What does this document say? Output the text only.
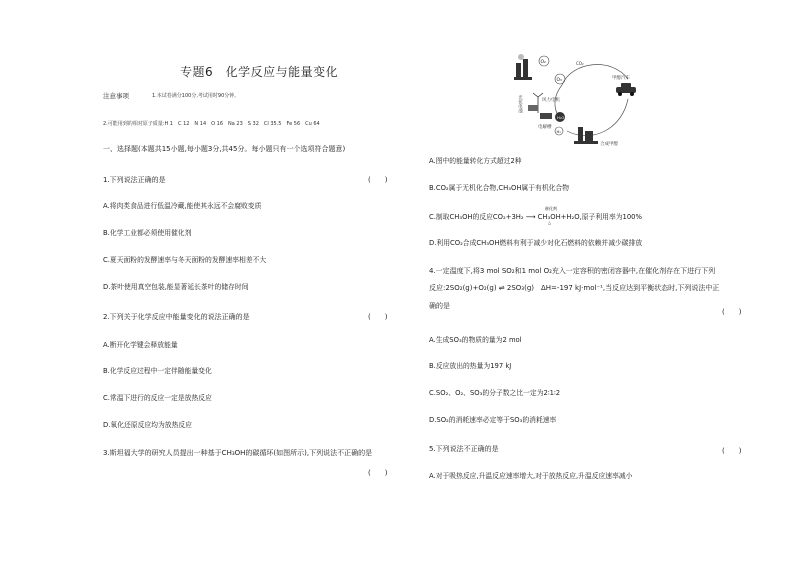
专题6　化学反应与能量变化
注意事项	1.本试卷满分100分,考试用时90分钟。
2.可能用到的相对原子质量:H 1　C 12　N 14　O 16　Na 23　S 32　Cl 35.5　Fe 56　Cu 64
一、选择题(本题共15小题,每小题3分,共45分。每小题只有一个选项符合题意)
1.下列说法正确的是	(　　)
A.将肉类食品进行低温冷藏,能使其永远不会腐败变质
B.化学工业都必须使用催化剂
C.夏天面粉的发酵速率与冬天面粉的发酵速率相差不大
D.茶叶使用真空包装,能显著延长茶叶的储存时间
2.下列关于化学反应中能量变化的说法正确的是	(　　)
A.断开化学键会释放能量
B.化学反应过程中一定伴随能量变化
C.常温下进行的反应一定是放热反应
D.氧化还原反应均为放热反应
3.斯坦福大学的研究人员提出一种基于CH₃OH的碳循环(如图所示),下列说法不正确的是
(　　)
O₂
O₃
光伏电池	风力电机
电解槽
H₂O
H₂
合成甲醇
甲醇汽车
CO₂
A.图中的能量转化方式超过2种
B.CO₂属于无机化合物,CH₃OH属于有机化合物
催化剂
△
C.制取CH₃OH的反应CO₂+3H₂ ⟶ CH₃OH+H₂O,原子利用率为100%
D.利用CO₂合成CH₃OH燃料有利于减少对化石燃料的依赖并减少碳排放
4.一定温度下,将3 mol SO₂和1 mol O₂充入一定容积的密闭容器中,在催化剂存在下进行下列
反应:2SO₂(g)+O₂(g) ⇌ 2SO₃(g)　ΔH=-197 kJ·mol⁻¹,当反应达到平衡状态时,下列说法中正
确的是
(　　)
A.生成SO₃的物质的量为2 mol
B.反应放出的热量为197 kJ
C.SO₂、O₂、SO₃的分子数之比一定为2∶1∶2
D.SO₂的消耗速率必定等于SO₃的消耗速率
5.下列说法不正确的是	(　　)
A.对于吸热反应,升温反应速率增大,对于放热反应,升温反应速率减小
